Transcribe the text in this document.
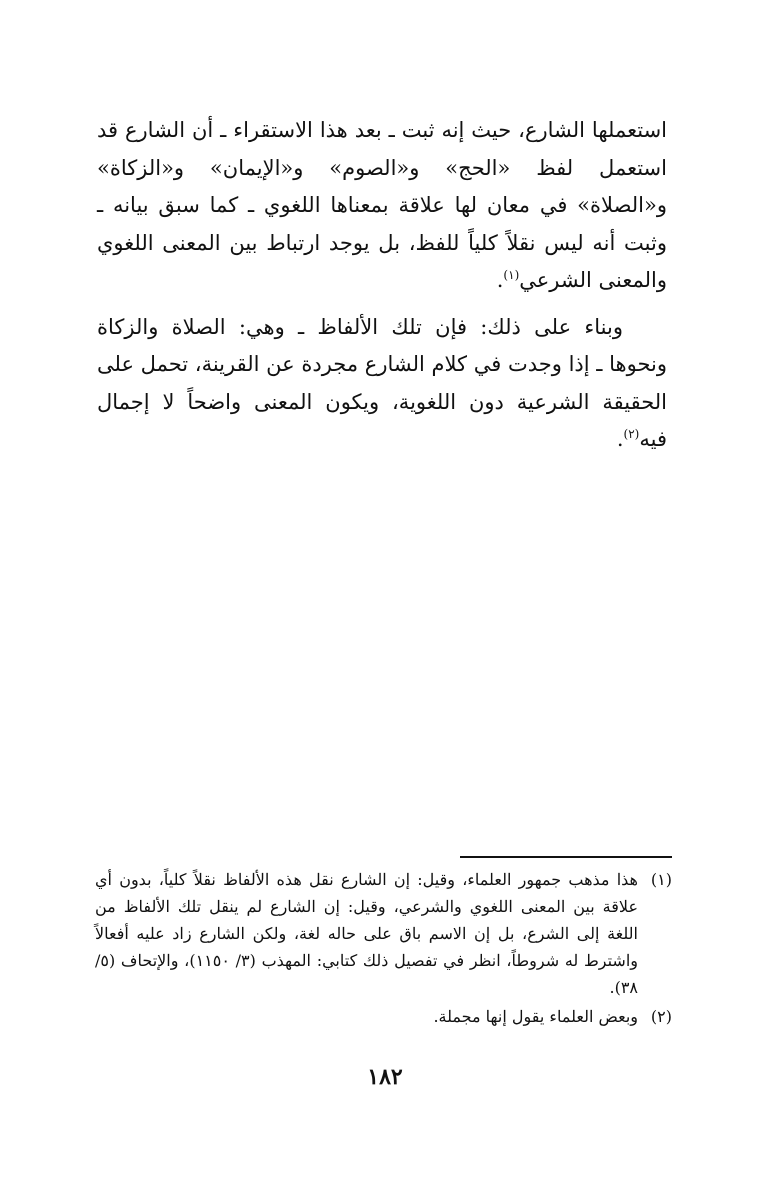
استعملها الشارع، حيث إنه ثبت ـ بعد هذا الاستقراء ـ أن الشارع قد استعمل لفظ «الحج» و«الصوم» و«الإيمان» و«الزكاة» و«الصلاة» في معان لها علاقة بمعناها اللغوي ـ كما سبق بيانه ـ وثبت أنه ليس نقلاً كلياً للفظ، بل يوجد ارتباط بين المعنى اللغوي والمعنى الشرعي$^{(١)}$.

وبناء على ذلك: فإن تلك الألفاظ ـ وهي: الصلاة والزكاة ونحوها ـ إذا وجدت في كلام الشارع مجردة عن القرينة، تحمل على الحقيقة الشرعية دون اللغوية، ويكون المعنى واضحاً لا إجمال فيه$^{(٢)}$.

(١)
هذا مذهب جمهور العلماء، وقيل: إن الشارع نقل هذه الألفاظ نقلاً كلياً، بدون أي علاقة بين المعنى اللغوي والشرعي، وقيل: إن الشارع لم ينقل تلك الألفاظ من اللغة إلى الشرع، بل إن الاسم باق على حاله لغة، ولكن الشارع زاد عليه أفعالاً واشترط له شروطاً، انظر في تفصيل ذلك كتابي: المهذب (٣/ ١١٥٠)، والإتحاف (٥/ ٣٨).
(٢)
وبعض العلماء يقول إنها مجملة.
١٨٢
